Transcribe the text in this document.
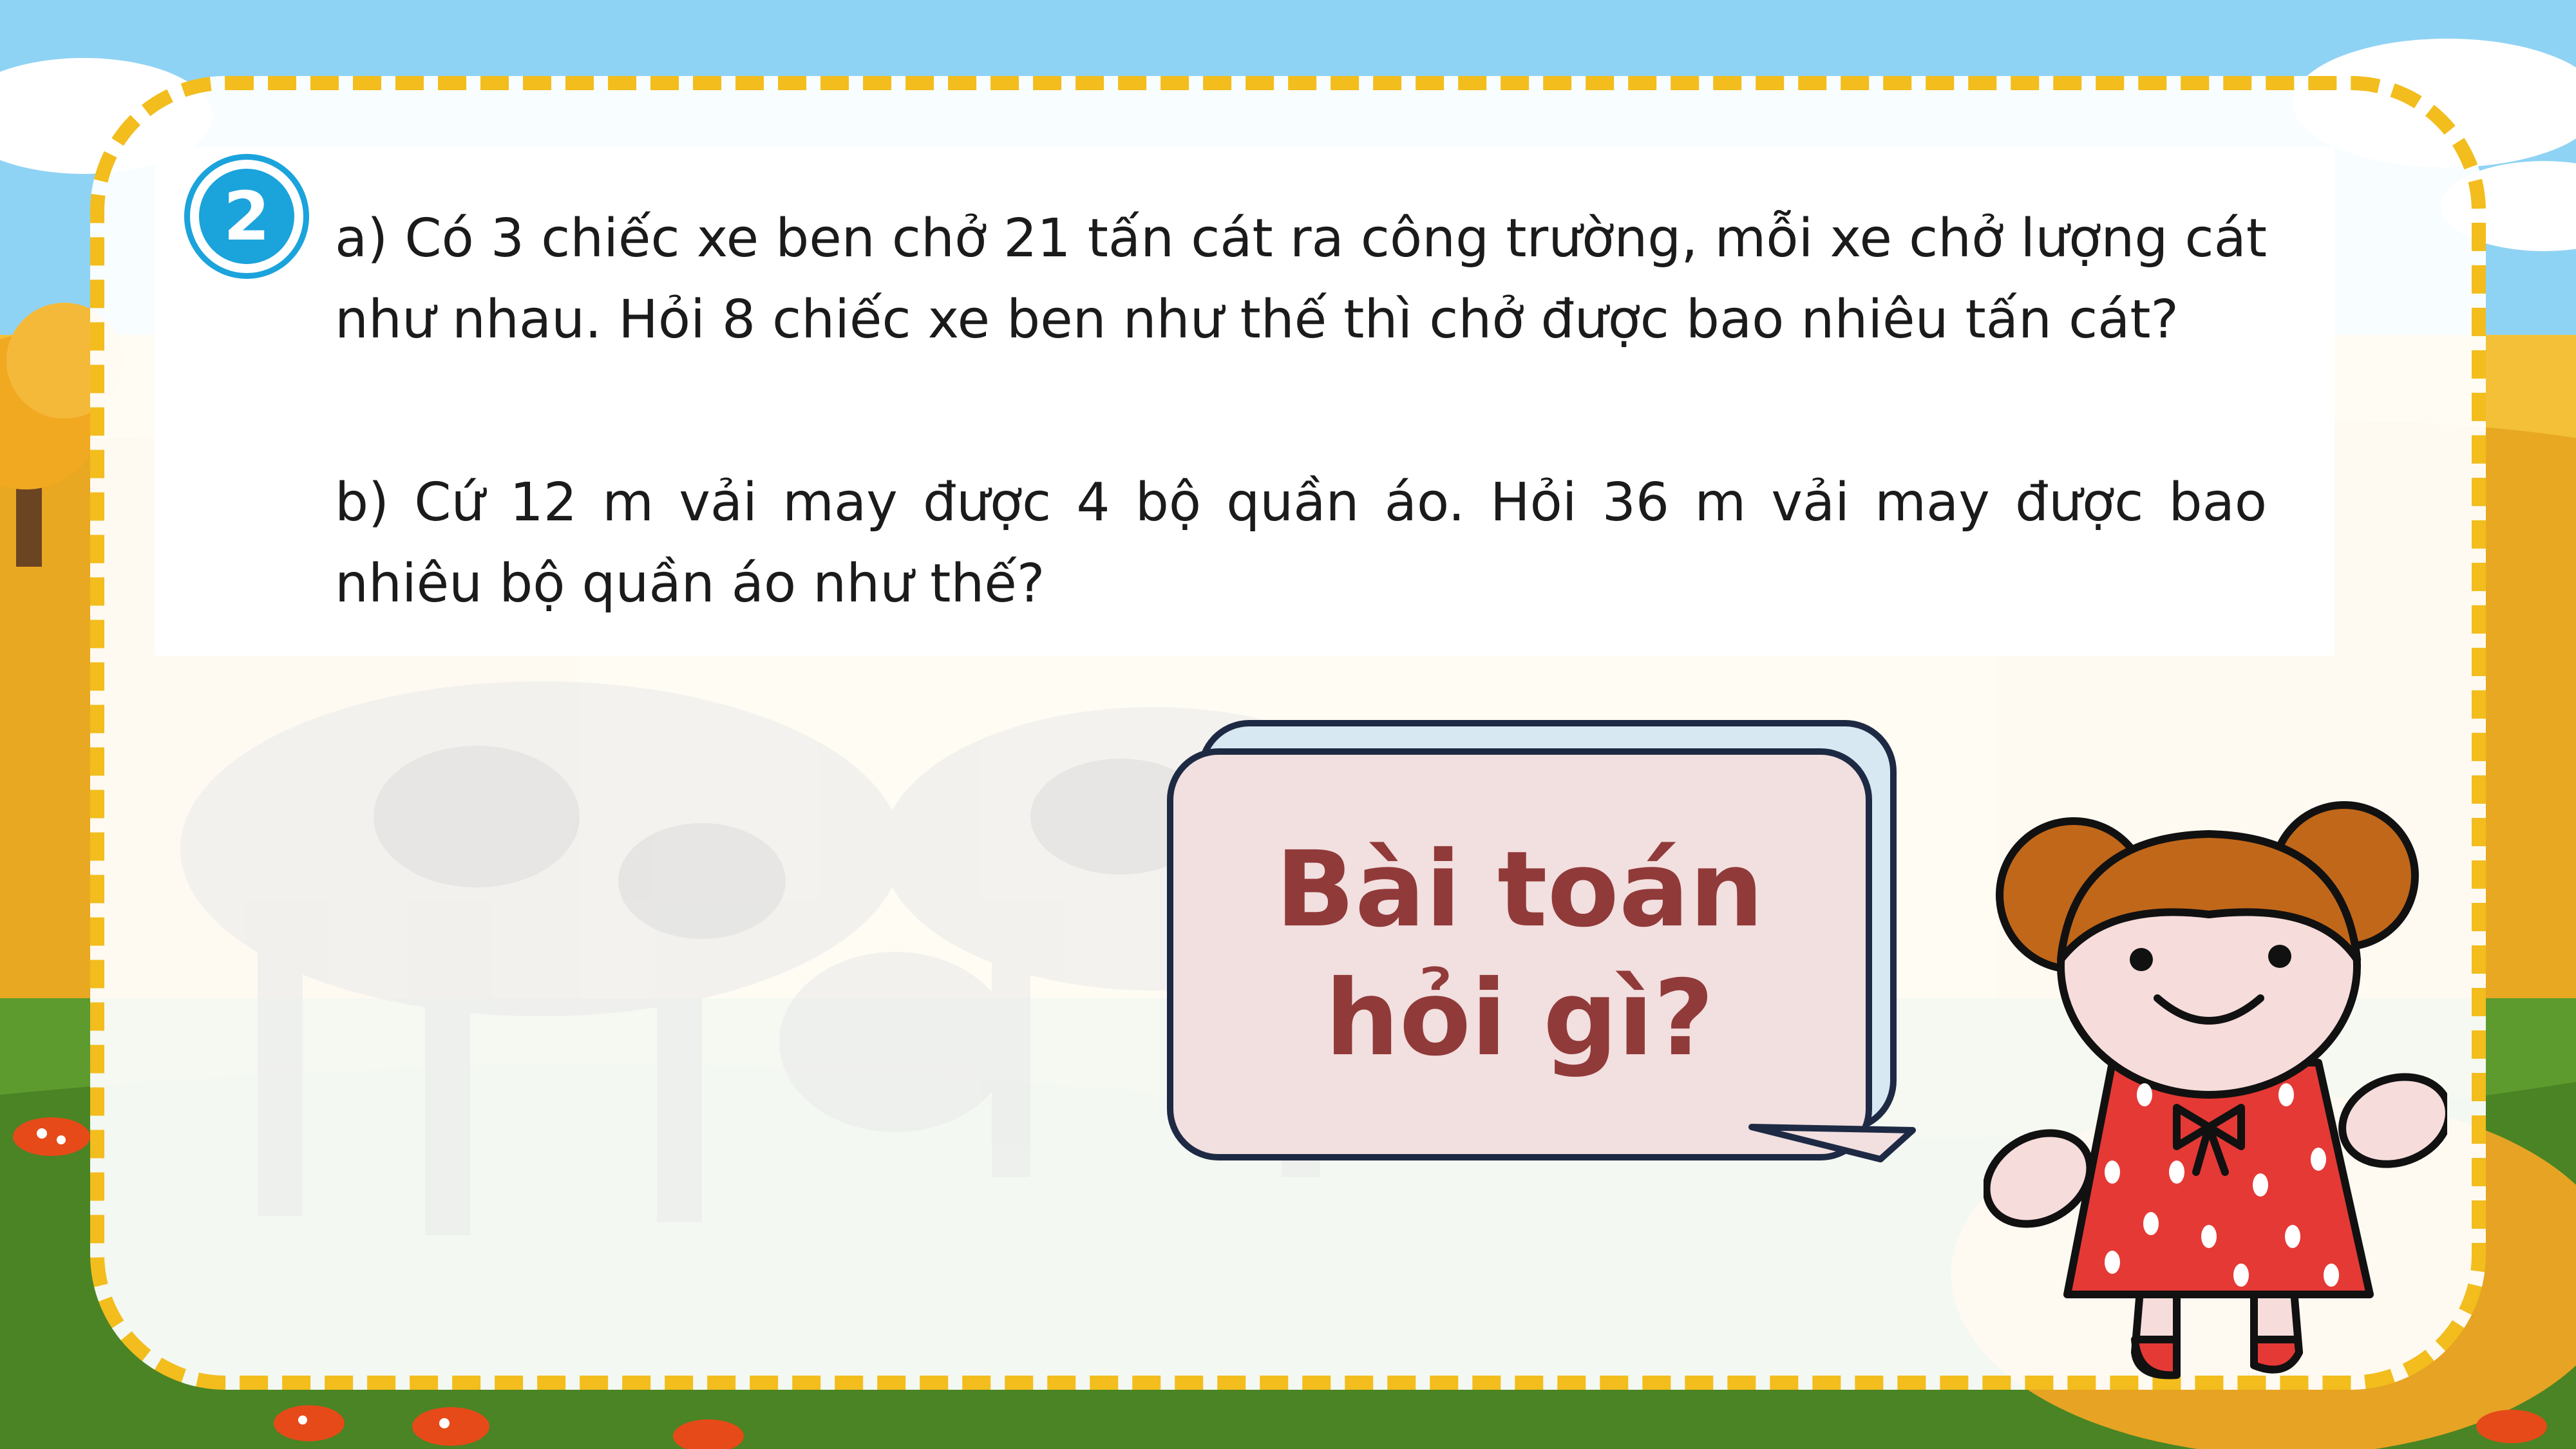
2	a) Có 3 chiếc xe ben chở 21 tấn cát ra công trường, mỗi xe chở lượng cát như nhau. Hỏi 8 chiếc xe ben như thế thì chở được bao nhiêu tấn cát?

b) Cứ 12 m vải may được 4 bộ quần áo. Hỏi 36 m vải may được bao nhiêu bộ quần áo như thế?

Bài toán
hỏi gì?
